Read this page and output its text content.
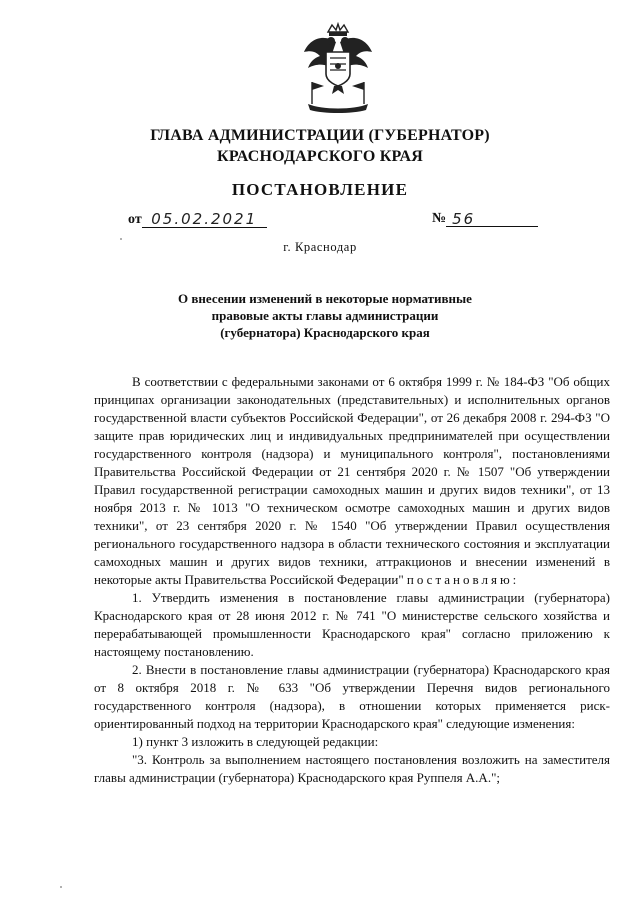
ГЛАВА АДМИНИСТРАЦИИ (ГУБЕРНАТОР)
КРАСНОДАРСКОГО КРАЯ
ПОСТАНОВЛЕНИЕ
от 05.02.2021	№ 56
г. Краснодар
О внесении изменений в некоторые нормативные
правовые акты главы администрации
(губернатора) Краснодарского края

В соответствии с федеральными законами от 6 октября 1999 г. № 184-ФЗ "Об общих принципах организации законодательных (представительных) и исполнительных органов государственной власти субъектов Российской Федерации", от 26 декабря 2008 г. 294-ФЗ "О защите прав юридических лиц и индивидуальных предпринимателей при осуществлении государственного контроля (надзора) и муниципального контроля", постановлениями Правительства Российской Федерации от 21 сентября 2020 г. № 1507 "Об утверждении Правил государственной регистрации самоходных машин и других видов техники", от 13 ноября 2013 г. № 1013 "О техническом осмотре самоходных машин и других видов техники", от 23 сентября 2020 г. № 1540 "Об утверждении Правил осуществления регионального государственного надзора в области технического состояния и эксплуатации самоходных машин и других видов техники, аттракционов и внесении изменений в некоторые акты Правительства Российской Федерации" постановляю:

1. Утвердить изменения в постановление главы администрации (губернатора) Краснодарского края от 28 июня 2012 г. № 741 "О министерстве сельского хозяйства и перерабатывающей промышленности Краснодарского края" согласно приложению к настоящему постановлению.

2. Внести в постановление главы администрации (губернатора) Краснодарского края от 8 октября 2018 г. № 633 "Об утверждении Перечня видов регионального государственного контроля (надзора), в отношении которых применяется риск-ориентированный подход на территории Краснодарского края" следующие изменения:

1) пункт 3 изложить в следующей редакции:

"3. Контроль за выполнением настоящего постановления возложить на заместителя главы администрации (губернатора) Краснодарского края Руппеля А.А.";
